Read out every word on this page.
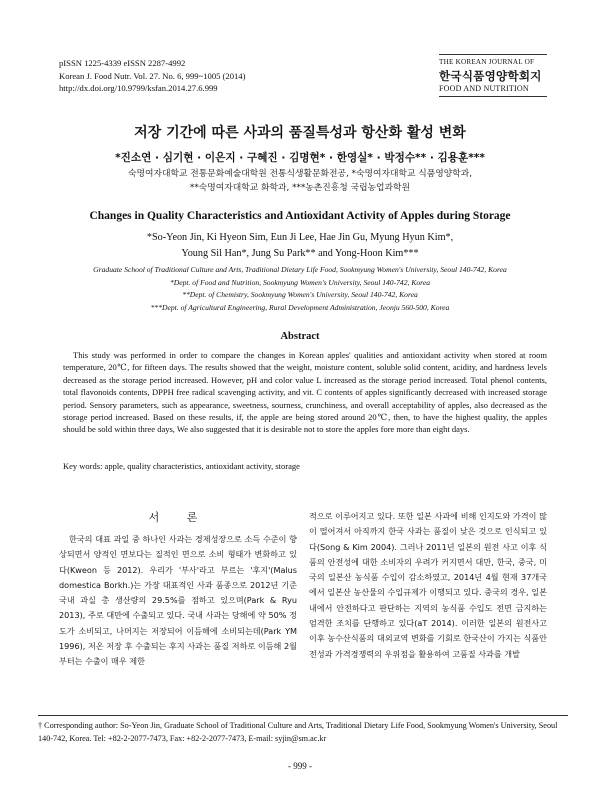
pISSN 1225-4339 eISSN 2287-4992
Korean J. Food Nutr. Vol. 27. No. 6, 999~1005 (2014)
http://dx.doi.org/10.9799/ksfan.2014.27.6.999
THE KOREAN JOURNAL OF
한국식품영양학회지
FOOD AND NUTRITION
저장 기간에 따른 사과의 품질특성과 항산화 활성 변화
*진소연 · 심기현 · 이은지 · 구혜진 · 김명현* · 한영실* · 박정수** · 김용훈***
숙명여자대학교 전통문화예술대학원 전통식생활문화전공, *숙명여자대학교 식품영양학과,
**숙명여자대학교 화학과, ***농촌진흥청 국립농업과학원
Changes in Quality Characteristics and Antioxidant Activity of Apples during Storage
*So-Yeon Jin, Ki Hyeon Sim, Eun Ji Lee, Hae Jin Gu, Myung Hyun Kim*,
Young Sil Han*, Jung Su Park** and Yong-Hoon Kim***
Graduate School of Traditional Culture and Arts, Traditional Dietary Life Food, Sookmyung Women's University, Seoul 140-742, Korea
*Dept. of Food and Nutrition, Sookmyung Women's University, Seoul 140-742, Korea
**Dept. of Chemistry, Sookmyung Women's University, Seoul 140-742, Korea
***Dept. of Agricultural Engineering, Rural Development Administration, Jeonju 560-500, Korea
Abstract
This study was performed in order to compare the changes in Korean apples' qualities and antioxidant activity when stored at room temperature, 20℃, for fifteen days. The results showed that the weight, moisture content, soluble solid content, acidity, and hardness levels decreased as the storage period increased. However, pH and color value L increased as the storage period increased. Total phenol contents, total flavonoids contents, DPPH free radical scavenging activity, and vit. C contents of apples significantly decreased with increased storage period. Sensory parameters, such as appearance, sweetness, sourness, crunchiness, and overall acceptability of apples, also decreased as the storage period increased. Based on these results, if, the apple are being stored around 20℃, then, to have the highest quality, the apples should be sold within three days, We also suggested that it is desirable not to store the apples fore more than eight days.
Key words: apple, quality characteristics, antioxidant activity, storage
서 론
한국의 대표 과일 중 하나인 사과는 경제성장으로 소득 수준이 향상되면서 양적인 면보다는 질적인 면으로 소비 형태가 변화하고 있다(Kweon 등 2012). 우리가 '부사'라고 부르는 '후지'(Malus domestica Borkh.)는 가장 대표적인 사과 품종으로 2012년 기준 국내 과실 총 생산량의 29.5%를 점하고 있으며(Park & Ryu 2013), 주로 대만에 수출되고 있다. 국내 사과는 당해에 약 50% 정도가 소비되고, 나머지는 저장되어 이듬해에 소비되는데(Park YM 1996), 저온 저장 후 수출되는 후지 사과는 품질 저하로 이듬해 2월부터는 수출이 매우 제한
적으로 이루어지고 있다. 또한 일본 사과에 비해 인지도와 가격이 많이 떨어져서 아직까지 한국 사과는 품질이 낮은 것으로 인식되고 있다(Song & Kim 2004). 그러나 2011년 일본의 원전 사고 이후 식품의 안전성에 대한 소비자의 우려가 커지면서 대만, 한국, 중국, 미국의 일본산 농식품 수입이 감소하였고, 2014년 4월 현재 37개국에서 일본산 농산물의 수입규제가 이행되고 있다. 중국의 경우, 일본 내에서 안전하다고 판단하는 지역의 농식품 수입도 전면 금지하는 엄격한 조치를 단행하고 있다(aT 2014). 이러한 일본의 원전사고 이후 농수산식품의 대외교역 변화를 기회로 한국산이 가지는 식품안전성과 가격경쟁력의 우위점을 활용하여 고품질 사과를 개발
† Corresponding author: So-Yeon Jin, Graduate School of Traditional Culture and Arts, Traditional Dietary Life Food, Sookmyung Women's University, Seoul 140-742, Korea. Tel: +82-2-2077-7473, Fax: +82-2-2077-7473, E-mail: syjin@sm.ac.kr
- 999 -
